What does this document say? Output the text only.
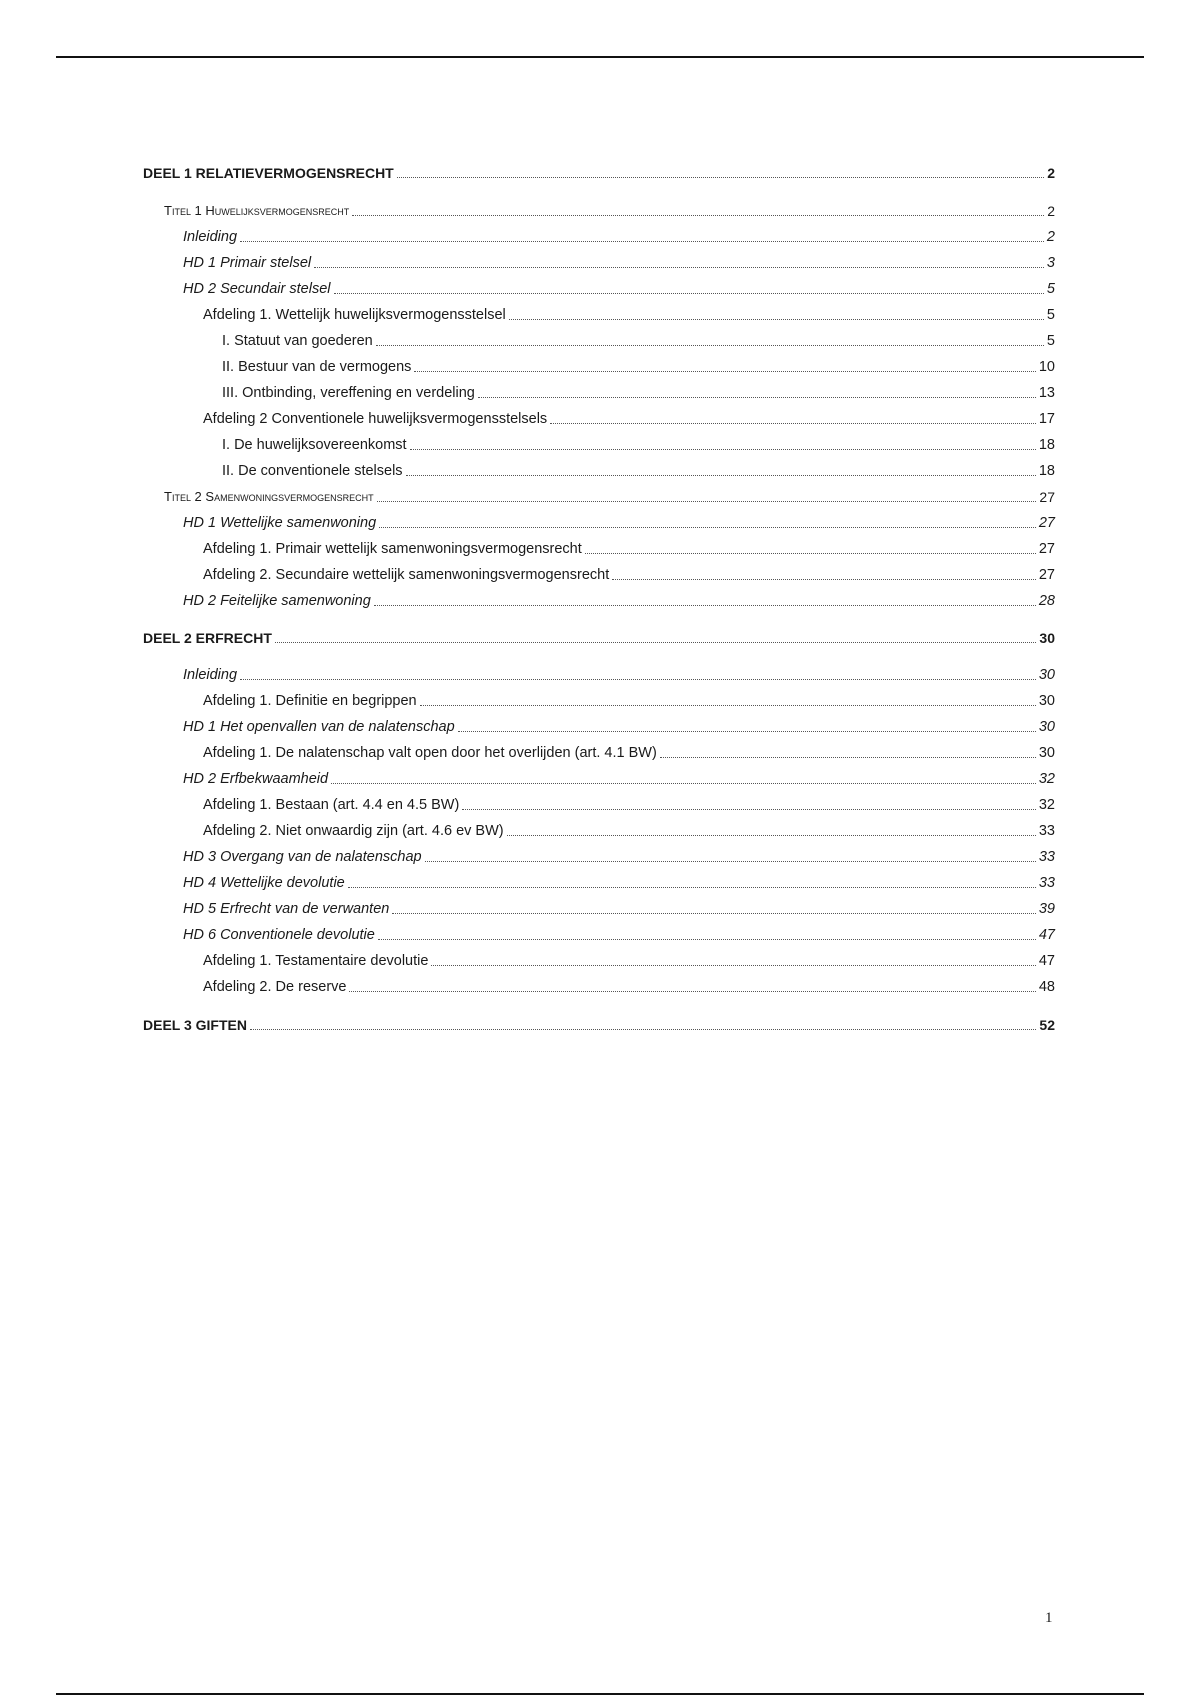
DEEL 1 RELATIEVERMOGENSRECHT	2
Titel 1 Huwelijksvermogensrecht	2
Inleiding	2
HD 1 Primair stelsel	3
HD 2 Secundair stelsel	5
Afdeling 1. Wettelijk huwelijksvermogensstelsel	5
I. Statuut van goederen	5
II. Bestuur van de vermogens	10
III. Ontbinding, vereffening en verdeling	13
Afdeling 2 Conventionele huwelijksvermogensstelsels	17
I. De huwelijksovereenkomst	18
II. De conventionele stelsels	18
Titel 2 Samenwoningsvermogensrecht	27
HD 1 Wettelijke samenwoning	27
Afdeling 1. Primair wettelijk samenwoningsvermogensrecht	27
Afdeling 2. Secundaire wettelijk samenwoningsvermogensrecht	27
HD 2 Feitelijke samenwoning	28
DEEL 2 ERFRECHT	30
Inleiding	30
Afdeling 1. Definitie en begrippen	30
HD 1 Het openvallen van de nalatenschap	30
Afdeling 1. De nalatenschap valt open door het overlijden (art. 4.1 BW)	30
HD 2 Erfbekwaamheid	32
Afdeling 1. Bestaan (art. 4.4 en 4.5 BW)	32
Afdeling 2. Niet onwaardig zijn (art. 4.6 ev BW)	33
HD 3 Overgang van de nalatenschap	33
HD 4 Wettelijke devolutie	33
HD 5 Erfrecht van de verwanten	39
HD 6 Conventionele devolutie	47
Afdeling 1. Testamentaire devolutie	47
Afdeling 2. De reserve	48
DEEL 3 GIFTEN	52
1
